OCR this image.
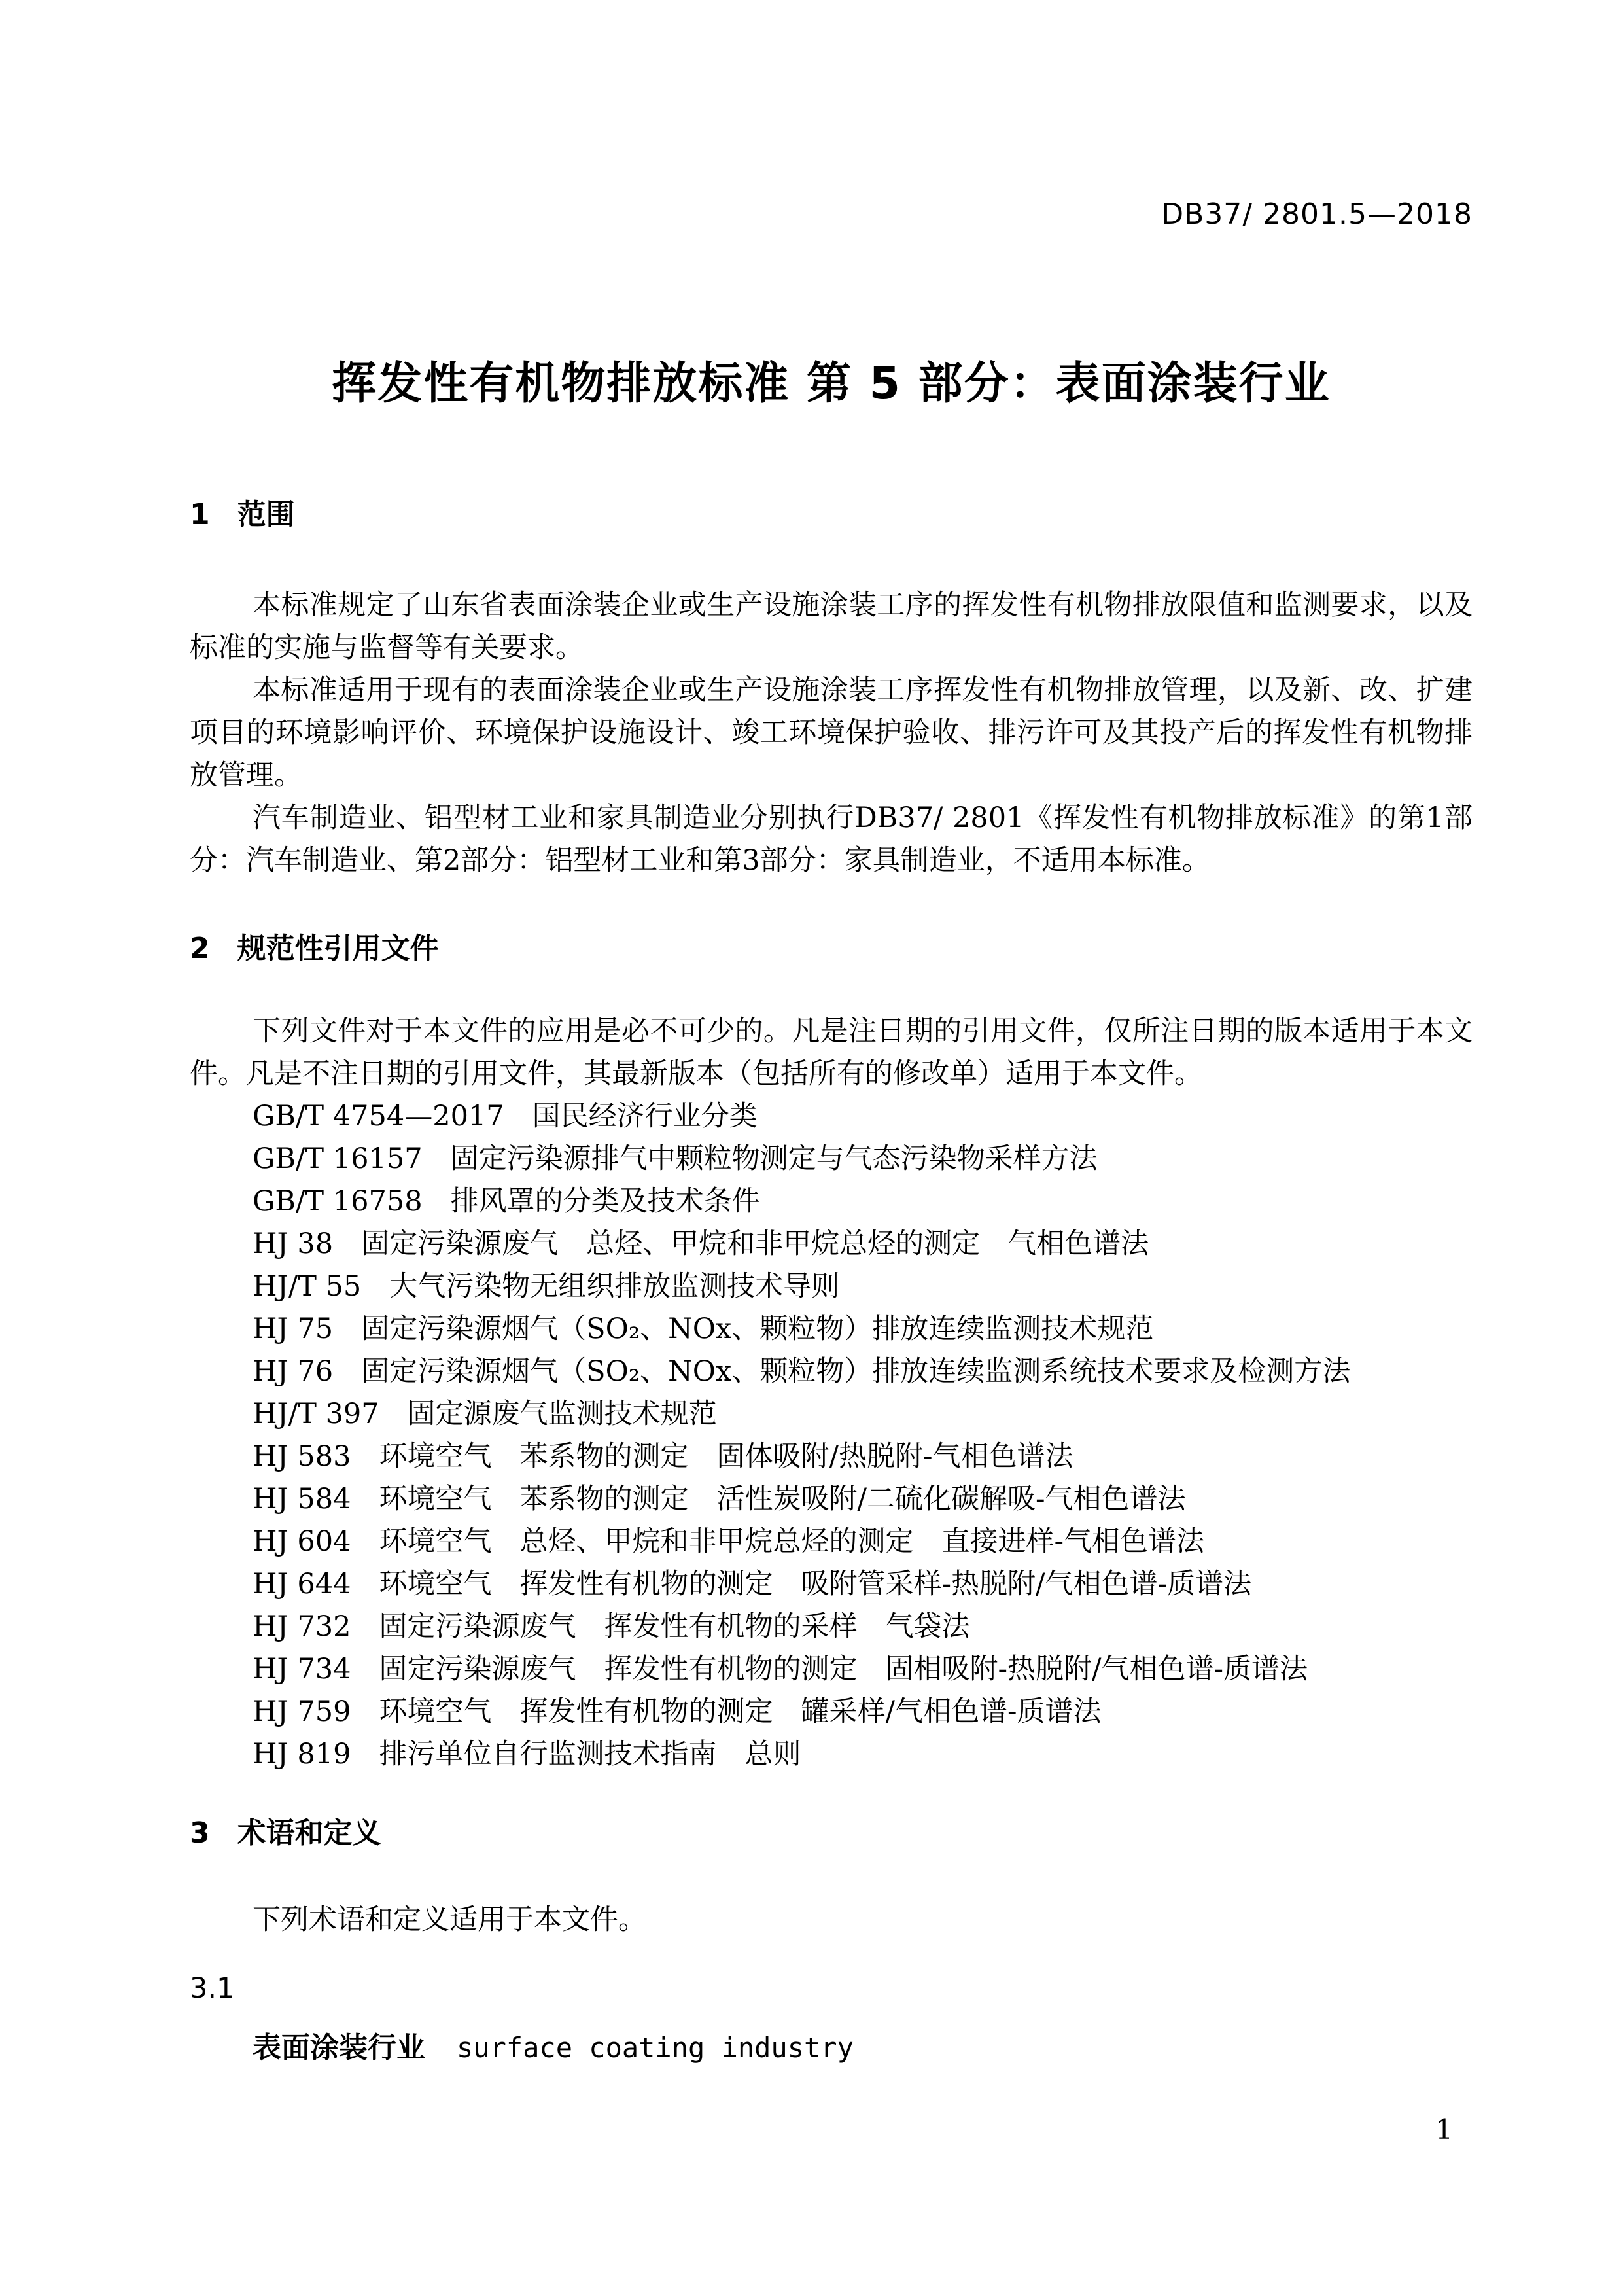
DB37/ 2801.5—2018
挥发性有机物排放标准 第 5 部分：表面涂装行业
1 范围

本标准规定了山东省表面涂装企业或生产设施涂装工序的挥发性有机物排放限值和监测要求，以及标准的实施与监督等有关要求。

本标准适用于现有的表面涂装企业或生产设施涂装工序挥发性有机物排放管理，以及新、改、扩建项目的环境影响评价、环境保护设施设计、竣工环境保护验收、排污许可及其投产后的挥发性有机物排放管理。

汽车制造业、铝型材工业和家具制造业分别执行DB37/ 2801《挥发性有机物排放标准》的第1部分：汽车制造业、第2部分：铝型材工业和第3部分：家具制造业，不适用本标准。

2 规范性引用文件

下列文件对于本文件的应用是必不可少的。凡是注日期的引用文件，仅所注日期的版本适用于本文件。凡是不注日期的引用文件，其最新版本（包括所有的修改单）适用于本文件。

GB/T 4754—2017　国民经济行业分类
GB/T 16157　固定污染源排气中颗粒物测定与气态污染物采样方法
GB/T 16758　排风罩的分类及技术条件
HJ 38　固定污染源废气　总烃、甲烷和非甲烷总烃的测定　气相色谱法
HJ/T 55　大气污染物无组织排放监测技术导则
HJ 75　固定污染源烟气（SO₂、NOx、颗粒物）排放连续监测技术规范
HJ 76　固定污染源烟气（SO₂、NOx、颗粒物）排放连续监测系统技术要求及检测方法
HJ/T 397　固定源废气监测技术规范
HJ 583　环境空气　苯系物的测定　固体吸附/热脱附-气相色谱法
HJ 584　环境空气　苯系物的测定　活性炭吸附/二硫化碳解吸-气相色谱法
HJ 604　环境空气　总烃、甲烷和非甲烷总烃的测定　直接进样-气相色谱法
HJ 644　环境空气　挥发性有机物的测定　吸附管采样-热脱附/气相色谱-质谱法
HJ 732　固定污染源废气　挥发性有机物的采样　气袋法
HJ 734　固定污染源废气　挥发性有机物的测定　固相吸附-热脱附/气相色谱-质谱法
HJ 759　环境空气　挥发性有机物的测定　罐采样/气相色谱-质谱法
HJ 819　排污单位自行监测技术指南　总则
3 术语和定义

下列术语和定义适用于本文件。

3.1
表面涂装行业 surface coating industry
1
